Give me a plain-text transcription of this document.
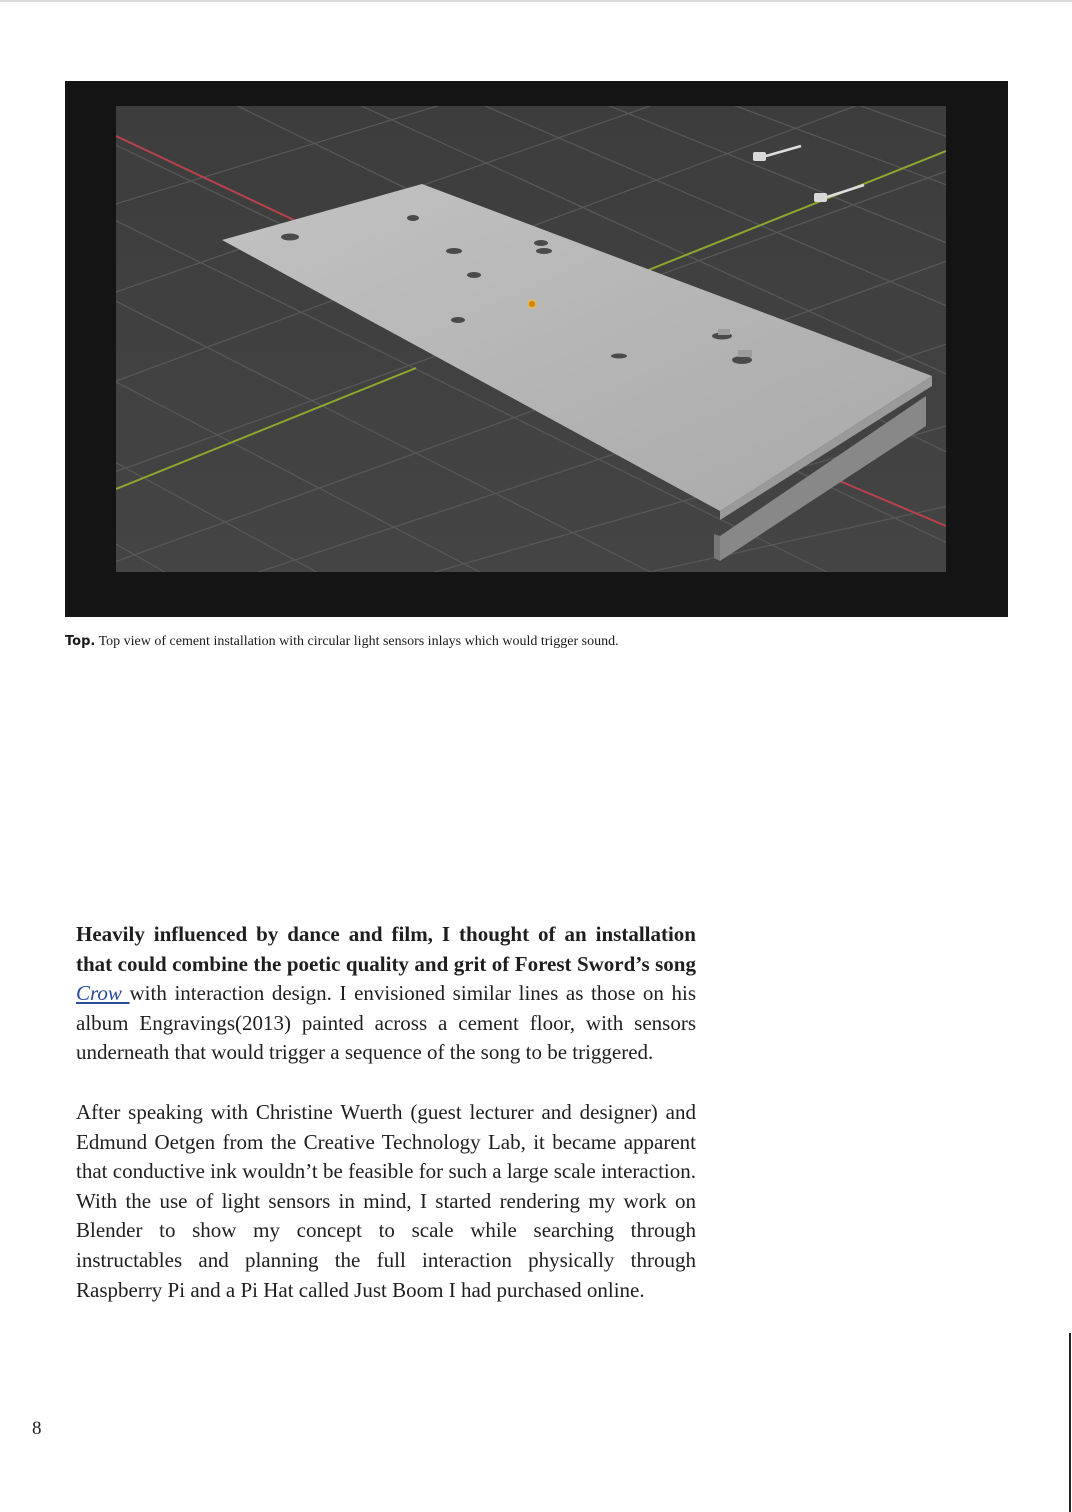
Top. Top view of cement installation with circular light sensors inlays which would trigger sound.

Heavily influenced by dance and film, I thought of an installation that could combine the poetic quality and grit of Forest Sword’s song Crow with interaction design. I envisioned similar lines as those on his album Engravings(2013) painted across a cement floor, with sensors underneath that would trigger a sequence of the song to be triggered.

After speaking with Christine Wuerth (guest lecturer and designer) and Edmund Oetgen from the Creative Technology Lab, it became apparent that conductive ink wouldn’t be feasible for such a large scale interaction. With the use of light sensors in mind, I started rendering my work on Blender to show my concept to scale while searching through instructables and planning the full interaction physically through Raspberry Pi and a Pi Hat called Just Boom I had purchased online.

8
